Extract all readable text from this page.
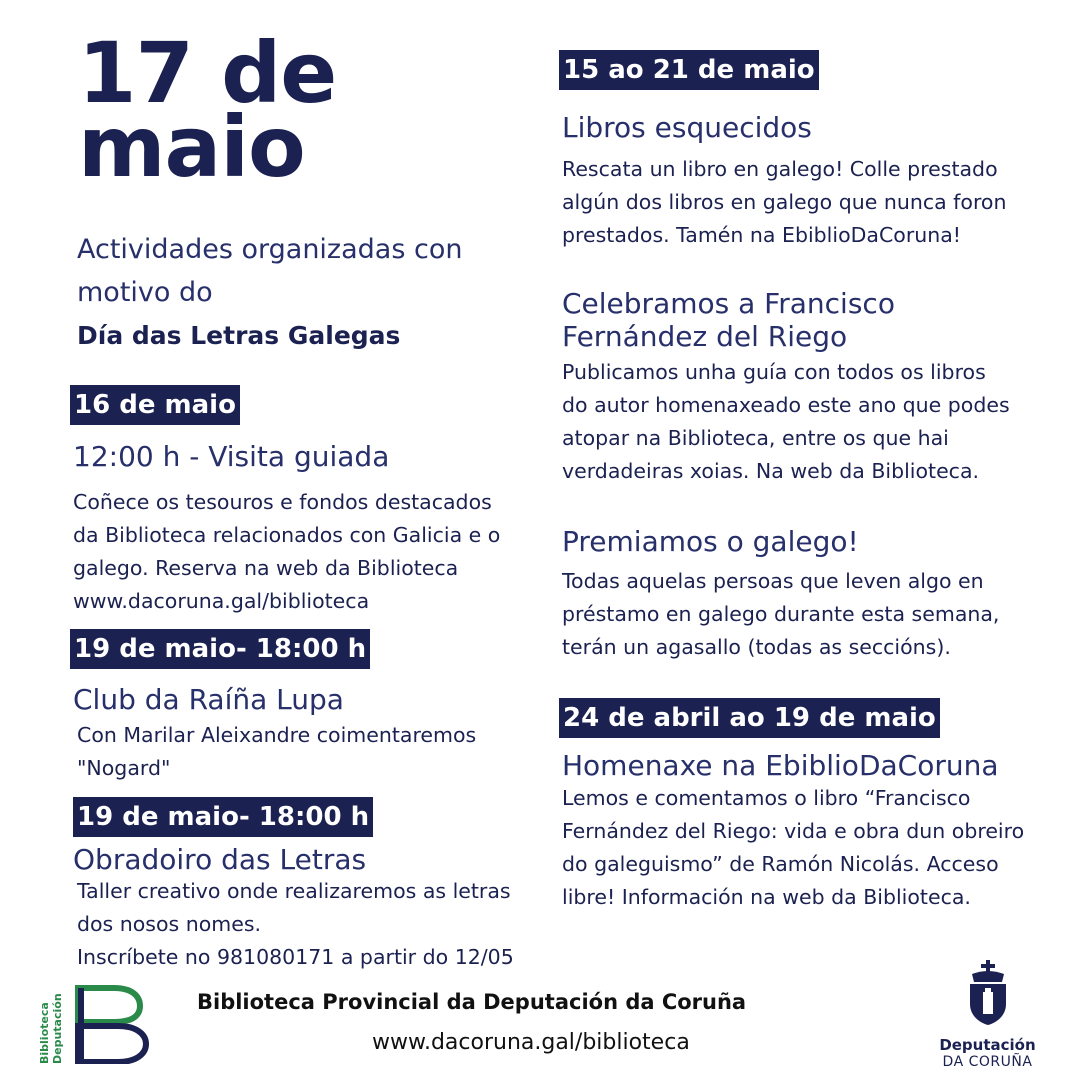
17 de
maio
Actividades organizadas con
motivo do
Día das Letras Galegas
16 de maio
12:00 h - Visita guiada
Coñece os tesouros e fondos destacados
da Biblioteca relacionados con Galicia e o
galego. Reserva na web da Biblioteca
www.dacoruna.gal/biblioteca
19 de maio- 18:00 h
Club da Raíña Lupa
Con Marilar Aleixandre coimentaremos
"Nogard"
19 de maio- 18:00 h
Obradoiro das Letras
Taller creativo onde realizaremos as letras
dos nosos nomes.
Inscríbete no 981080171 a partir do 12/05
15 ao 21 de maio
Libros esquecidos
Rescata un libro en galego! Colle prestado
algún dos libros en galego que nunca foron
prestados. Tamén na EbiblioDaCoruna!
Celebramos a Francisco
Fernández del Riego
Publicamos unha guía con todos os libros
do autor homenaxeado este ano que podes
atopar na Biblioteca, entre os que hai
verdadeiras xoias. Na web da Biblioteca.
Premiamos o galego!
Todas aquelas persoas que leven algo en
préstamo en galego durante esta semana,
terán un agasallo (todas as seccións).
24 de abril ao 19 de maio
Homenaxe na EbiblioDaCoruna
Lemos e comentamos o libro “Francisco
Fernández del Riego: vida e obra dun obreiro
do galeguismo” de Ramón Nicolás. Acceso
libre! Información na web da Biblioteca.
Biblioteca Deputación	Biblioteca Provincial da Deputación da Coruña
www.dacoruna.gal/biblioteca	Deputación
DA CORUÑA
